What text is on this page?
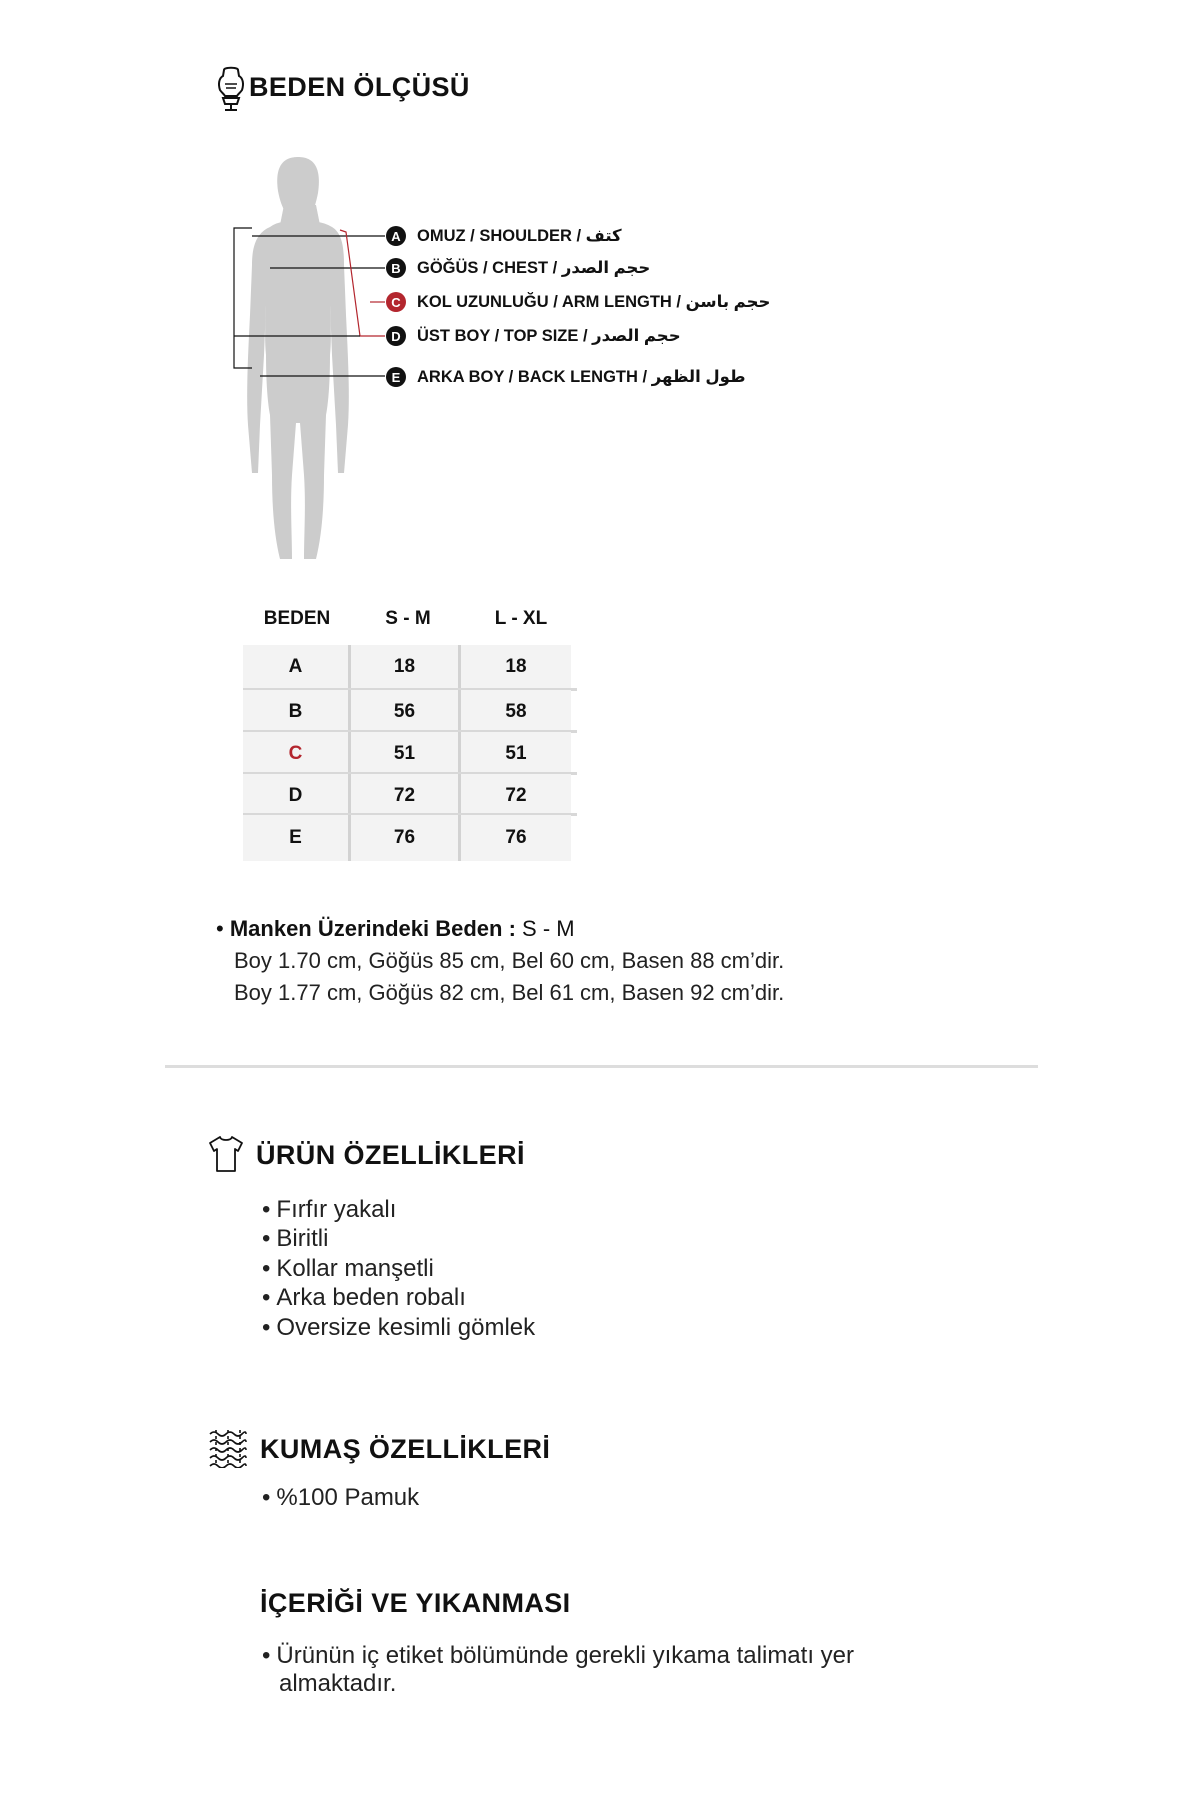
BEDEN ÖLÇÜSÜ
A OMUZ / SHOULDER / كتف
B GÖĞÜS / CHEST / حجم الصدر
C KOL UZUNLUĞU / ARM LENGTH / حجم باسن
D ÜST BOY / TOP SIZE / حجم الصدر
E	ARKA BOY / BACK LENGTH / طول الظهر
BEDEN	S - M	L - XL
A	18	18
B	56	58
C	51	51
D	72	72
E	76	76
• Manken Üzerindeki Beden : S - M
Boy 1.70 cm, Göğüs 85 cm, Bel 60 cm, Basen 88 cm’dir.
Boy 1.77 cm, Göğüs 82 cm, Bel 61 cm, Basen 92 cm’dir.
ÜRÜN ÖZELLİKLERİ
• Fırfır yakalı
• Biritli
• Kollar manşetli
• Arka beden robalı
• Oversize kesimli gömlek
KUMAŞ ÖZELLİKLERİ
• %100 Pamuk
İÇERİĞİ VE YIKANMASI
• Ürünün iç etiket bölümünde gerekli yıkama talimatı yer
almaktadır.
